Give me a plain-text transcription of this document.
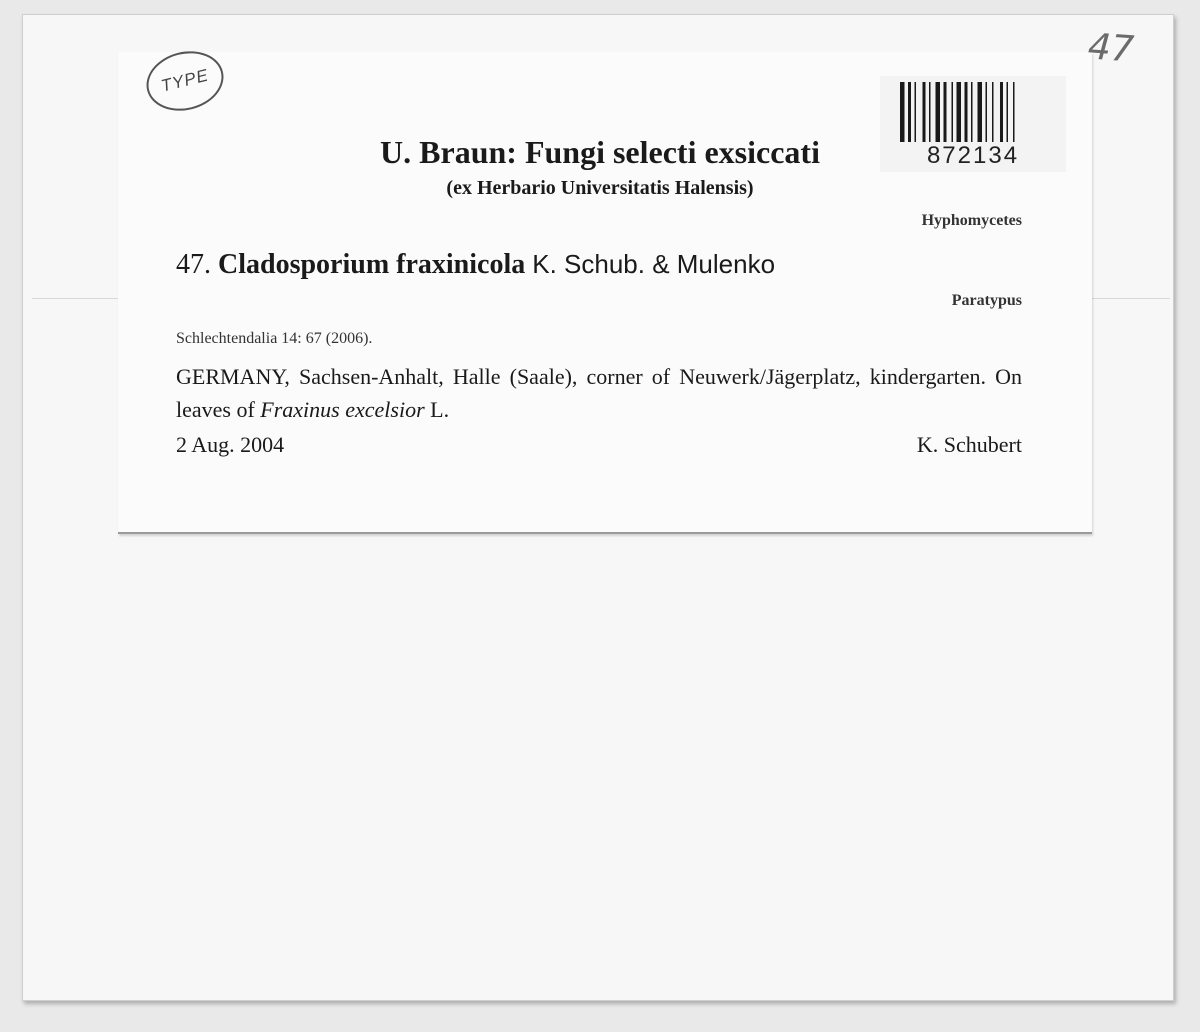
TYPE
47
872134
U. Braun: Fungi selecti exsiccati
(ex Herbario Universitatis Halensis)
Hyphomycetes
47. Cladosporium fraxinicola K. Schub. & Mulenko
Paratypus
Schlechtendalia 14: 67 (2006).
GERMANY, Sachsen-Anhalt, Halle (Saale), corner of Neuwerk/Jägerplatz, kindergarten. On leaves of Fraxinus excelsior L.
2 Aug. 2004	K. Schubert
